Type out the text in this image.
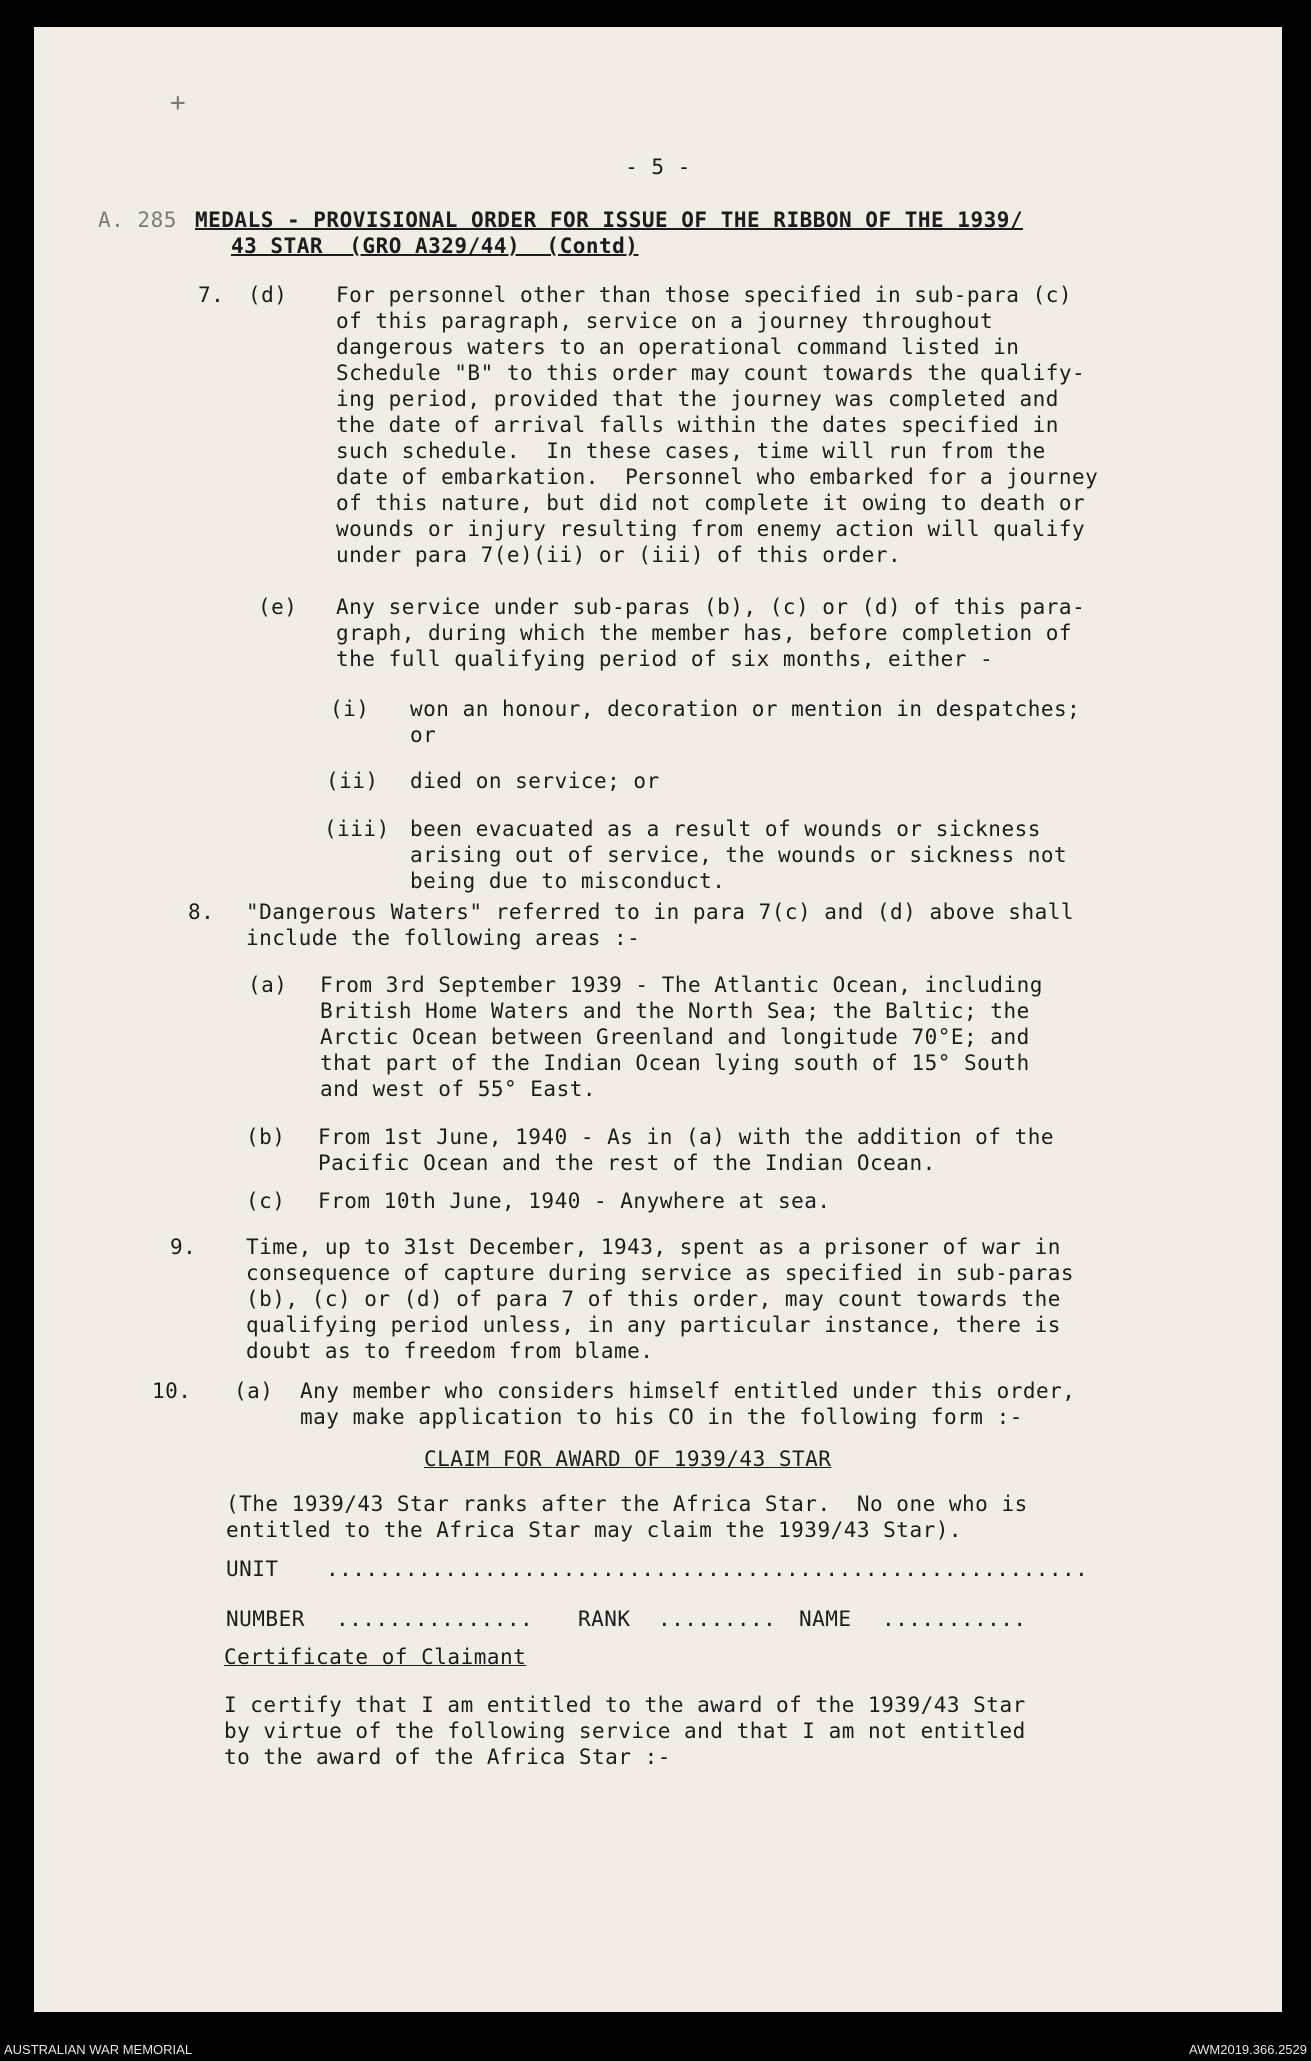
- 5 -
A. 285 MEDALS - PROVISIONAL ORDER FOR ISSUE OF THE RIBBON OF THE 1939/
43 STAR  (GRO A329/44)  (Contd)
7. (d) For personnel other than those specified in sub-para (c)
of this paragraph, service on a journey throughout
dangerous waters to an operational command listed in
Schedule "B" to this order may count towards the qualify-
ing period, provided that the journey was completed and
the date of arrival falls within the dates specified in
such schedule.  In these cases, time will run from the
date of embarkation.  Personnel who embarked for a journey
of this nature, but did not complete it owing to death or
wounds or injury resulting from enemy action will qualify
under para 7(e)(ii) or (iii) of this order.
(e) Any service under sub-paras (b), (c) or (d) of this para-
graph, during which the member has, before completion of
the full qualifying period of six months, either -
(i) won an honour, decoration or mention in despatches;
or
(ii) died on service; or
(iii) been evacuated as a result of wounds or sickness
arising out of service, the wounds or sickness not
being due to misconduct.
8. "Dangerous Waters" referred to in para 7(c) and (d) above shall
include the following areas :-
(a) From 3rd September 1939 - The Atlantic Ocean, including
British Home Waters and the North Sea; the Baltic; the
Arctic Ocean between Greenland and longitude 70°E; and
that part of the Indian Ocean lying south of 15° South
and west of 55° East.
(b) From 1st June, 1940 - As in (a) with the addition of the
Pacific Ocean and the rest of the Indian Ocean.
(c) From 10th June, 1940 - Anywhere at sea.
9. Time, up to 31st December, 1943, spent as a prisoner of war in
consequence of capture during service as specified in sub-paras
(b), (c) or (d) of para 7 of this order, may count towards the
qualifying period unless, in any particular instance, there is
doubt as to freedom from blame.
10. (a) Any member who considers himself entitled under this order,
may make application to his CO in the following form :-
CLAIM FOR AWARD OF 1939/43 STAR
(The 1939/43 Star ranks after the Africa Star.  No one who is
entitled to the Africa Star may claim the 1939/43 Star).
UNIT ..........................................................
NUMBER ............... RANK ......... NAME ...........
Certificate of Claimant
I certify that I am entitled to the award of the 1939/43 Star
by virtue of the following service and that I am not entitled
to the award of the Africa Star :-
+
AUSTRALIAN WAR MEMORIAL	AWM2019.366.2529
